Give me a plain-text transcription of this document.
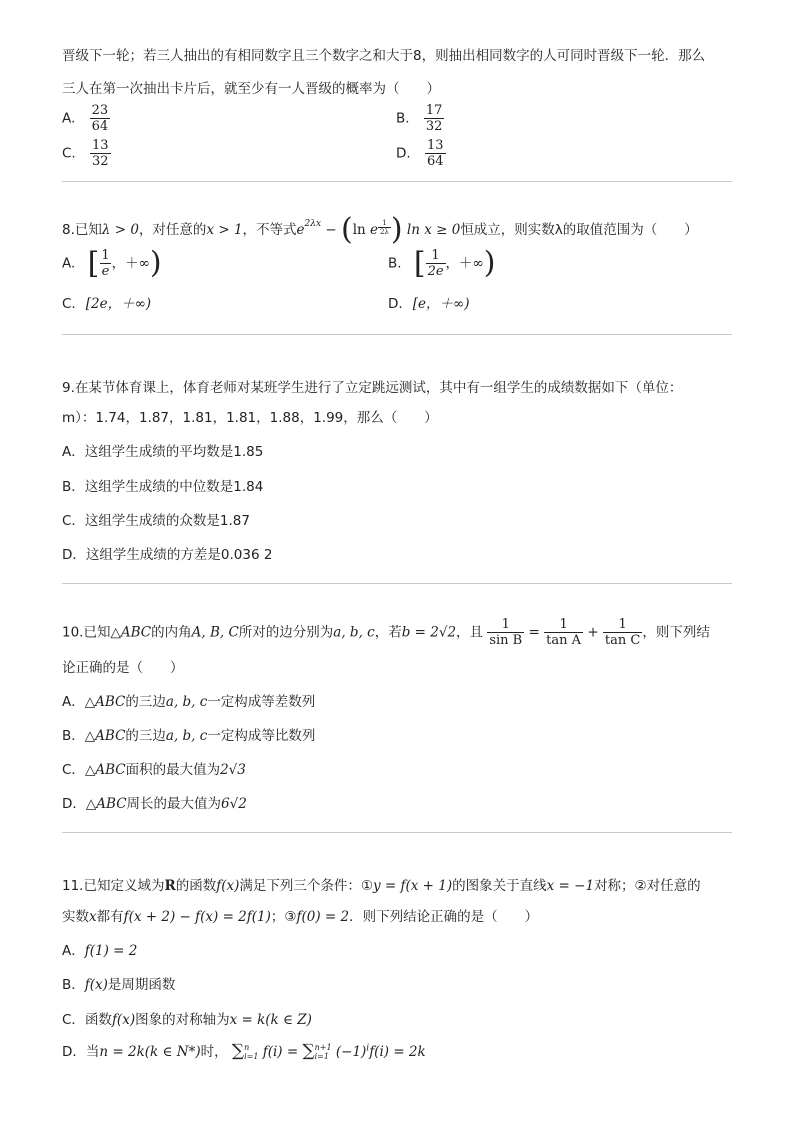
晋级下一轮；若三人抽出的有相同数字且三个数字之和大于8，则抽出相同数字的人可同时晋级下一轮．那么
三人在第一次抽出卡片后，就至少有一人晋级的概率为（　　）
A. $\frac{23}{64}$	B. $\frac{17}{32}$
C. $\frac{13}{32}$	D. $\frac{13}{64}$
8.已知λ > 0，对任意的x > 1，不等式$e^{2\lambda x} - (\ln$ e $\frac{1}{2\lambda}$ ) ln x ≥ 0恒成立，则实数λ的取值范围为（　　）
A. [ $\frac{1}{e}$ ，＋∞)	B. [ $\frac{1}{2e}$ ，＋∞)
C. [2e，＋∞)	D. [e，＋∞)
9.在某节体育课上，体育老师对某班学生进行了立定跳远测试，其中有一组学生的成绩数据如下（单位：
m）：1.74，1.87，1.81，1.81，1.88，1.99，那么（　　）
A．这组学生成绩的平均数是1.85
B．这组学生成绩的中位数是1.84
C．这组学生成绩的众数是1.87
D．这组学生成绩的方差是0.036 2
10.已知△ABC的内角A, B, C所对的边分别为a, b, c，若b = 2√2，且 $\frac{1}{\text{sin B}} = \frac{1}{\text{tan A}} + \frac{1}{\text{tan C}}$ ，则下列结
论正确的是（　　）
A．△ABC的三边a, b, c一定构成等差数列
B．△ABC的三边a, b, c一定构成等比数列
C．△ABC面积的最大值为2√3
D．△ABC周长的最大值为6√2
11.已知定义域为R的函数f(x)满足下列三个条件：①y = f(x + 1)的图象关于直线x = −1对称；②对任意的
实数x都有f(x + 2) − f(x) = 2f(1)；③f(0) = 2．则下列结论正确的是（　　）
A．f(1) = 2
B．f(x)是周期函数
C．函数f(x)图象的对称轴为x = k(k ∈ Z)
D．当n = 2k(k ∈ N*)时， ∑ n
i=1 f(i) = ∑ n+1
i=1 $(-1)^if(i) = 2k$
